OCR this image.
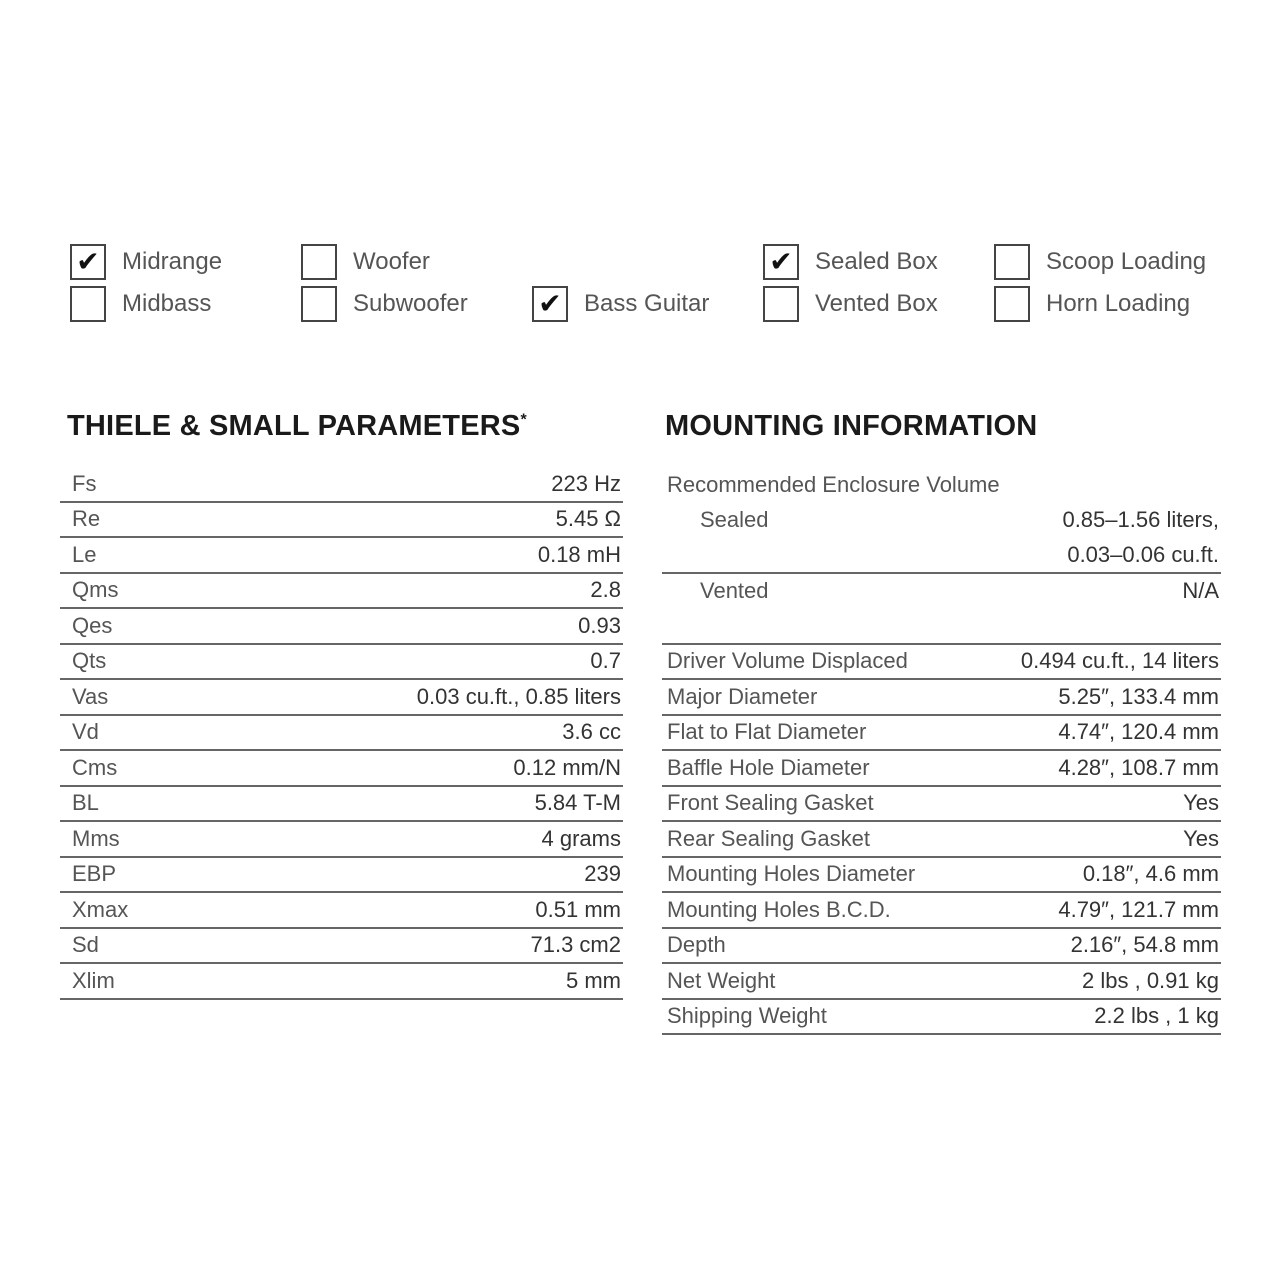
✔ Midrange
Midbass
Woofer
Subwoofer	✔ Bass Guitar
✔ Sealed Box
Vented Box
Scoop Loading
Horn Loading
THIELE & SMALL PARAMETERS*	MOUNTING INFORMATION
Fs	223 Hz
Re	5.45 Ω
Le	0.18 mH
Qms	2.8
Qes	0.93
Qts	0.7
Vas	0.03 cu.ft., 0.85 liters
Vd	3.6 cc
Cms	0.12 mm/N
BL	5.84 T-M
Mms	4 grams
EBP	239
Xmax	0.51 mm
Sd	71.3 cm2
Xlim	5 mm
Recommended Enclosure Volume
Sealed	0.85–1.56 liters,
0.03–0.06 cu.ft.
Vented	N/A
Driver Volume Displaced	0.494 cu.ft., 14 liters
Major Diameter	5.25″, 133.4 mm
Flat to Flat Diameter	4.74″, 120.4 mm
Baffle Hole Diameter	4.28″, 108.7 mm
Front Sealing Gasket	Yes
Rear Sealing Gasket	Yes
Mounting Holes Diameter	0.18″, 4.6 mm
Mounting Holes B.C.D.	4.79″, 121.7 mm
Depth	2.16″, 54.8 mm
Net Weight	2 lbs , 0.91 kg
Shipping Weight	2.2 lbs , 1 kg
